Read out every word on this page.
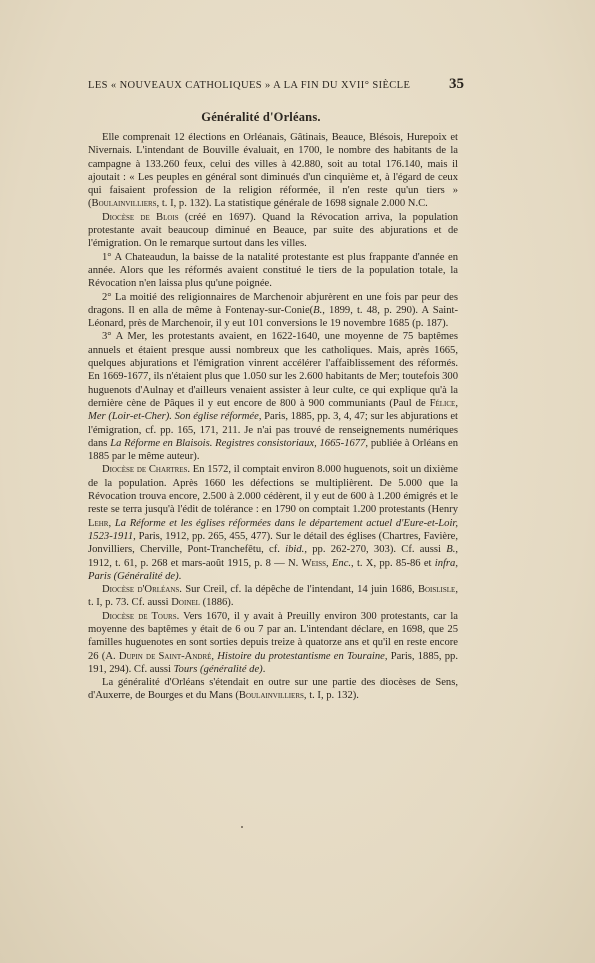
LES « NOUVEAUX CATHOLIQUES » A LA FIN DU XVII° SIÈCLE	35
Généralité d'Orléans.

Elle comprenait 12 élections en Orléanais, Gâtinais, Beauce, Blésois, Hurepoix et Nivernais. L'intendant de Bouville évaluait, en 1700, le nombre des habitants de la campagne à 133.260 feux, celui des villes à 42.880, soit au total 176.140, mais il ajoutait : « Les peuples en général sont diminués d'un cinquième et, à l'égard de ceux qui faisaient profession de la religion réformée, il n'en reste qu'un tiers » (Boulainvilliers, t. I, p. 132). La statistique générale de 1698 signale 2.000 N.C.

Diocèse de Blois (créé en 1697). Quand la Révocation arriva, la population protestante avait beaucoup diminué en Beauce, par suite des abjurations et de l'émigration. On le remarque surtout dans les villes.

1° A Chateaudun, la baisse de la natalité protestante est plus frappante d'année en année. Alors que les réformés avaient constitué le tiers de la population totale, la Révocation n'en laissa plus qu'une poignée.

2° La moitié des religionnaires de Marchenoir abjurèrent en une fois par peur des dragons. Il en alla de même à Fontenay-sur-Conie(B., 1899, t. 48, p. 290). A Saint-Léonard, près de Marchenoir, il y eut 101 conversions le 19 novembre 1685 (p. 187).

3° A Mer, les protestants avaient, en 1622-1640, une moyenne de 75 baptêmes annuels et étaient presque aussi nombreux que les catholiques. Mais, après 1665, quelques abjurations et l'émigration vinrent accélérer l'affaiblissement des réformés. En 1669-1677, ils n'étaient plus que 1.050 sur les 2.600 habitants de Mer; toutefois 300 huguenots d'Aulnay et d'ailleurs venaient assister à leur culte, ce qui explique qu'à la dernière cène de Pâques il y eut encore de 800 à 900 communiants (Paul de Félice, Mer (Loir-et-Cher). Son église réformée, Paris, 1885, pp. 3, 4, 47; sur les abjurations et l'émigration, cf. pp. 165, 171, 211. Je n'ai pas trouvé de renseignements numériques dans La Réforme en Blaisois. Registres consistoriaux, 1665-1677, publiée à Orléans en 1885 par le même auteur).

Diocèse de Chartres. En 1572, il comptait environ 8.000 huguenots, soit un dixième de la population. Après 1660 les défections se multiplièrent. De 5.000 que la Révocation trouva encore, 2.500 à 2.000 cédèrent, il y eut de 600 à 1.200 émigrés et le reste se terra jusqu'à l'édit de tolérance : en 1790 on comptait 1.200 protestants (Henry Lehr, La Réforme et les églises réformées dans le département actuel d'Eure-et-Loir, 1523-1911, Paris, 1912, pp. 265, 455, 477). Sur le détail des églises (Chartres, Favière, Jonvilliers, Cherville, Pont-Tranchefêtu, cf. ibid., pp. 262-270, 303). Cf. aussi B., 1912, t. 61, p. 268 et mars-août 1915, p. 8 — N. Weiss, Enc., t. X, pp. 85-86 et infra, Paris (Généralité de).

Diocèse d'Orléans. Sur Creil, cf. la dépêche de l'intendant, 14 juin 1686, Boislisle, t. I, p. 73. Cf. aussi Doinel (1886).

Diocèse de Tours. Vers 1670, il y avait à Preuilly environ 300 protestants, car la moyenne des baptêmes y était de 6 ou 7 par an. L'intendant déclare, en 1698, que 25 familles huguenotes en sont sorties depuis treize à quatorze ans et qu'il en reste encore 26 (A. Dupin de Saint-André, Histoire du protestantisme en Touraine, Paris, 1885, pp. 191, 294). Cf. aussi Tours (généralité de).

La généralité d'Orléans s'étendait en outre sur une partie des diocèses de Sens, d'Auxerre, de Bourges et du Mans (Boulainvilliers, t. I, p. 132).
